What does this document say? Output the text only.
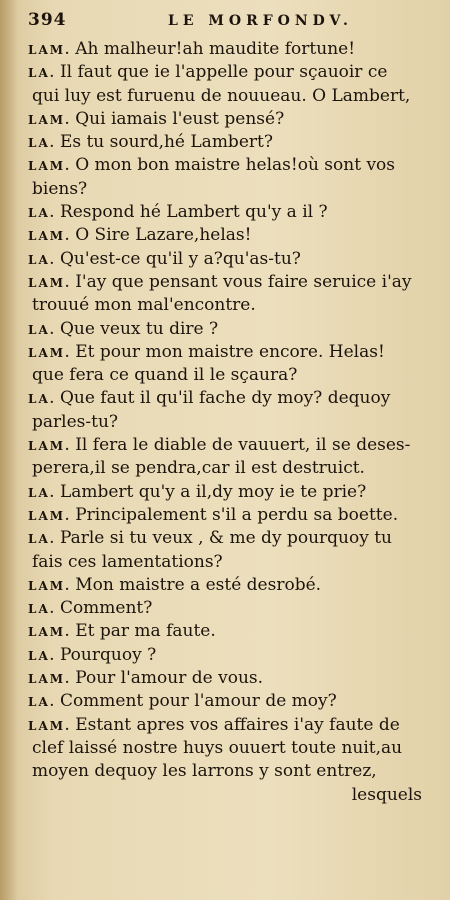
394	LE MORFONDV.
LAM. Ah malheur!ah maudite fortune!
LA. Il faut que ie l'appelle pour sçauoir ce
qui luy est furuenu de nouueau. O Lambert,
LAM. Qui iamais l'eust pensé?
LA. Es tu sourd,hé Lambert?
LAM. O mon bon maistre helas!où sont vos
biens?
LA. Respond hé Lambert qu'y a il ?
LAM. O Sire Lazare,helas!
LA. Qu'est-ce qu'il y a?qu'as-tu?
LAM. I'ay que pensant vous faire seruice i'ay
trouué mon mal'encontre.
LA. Que veux tu dire ?
LAM. Et pour mon maistre encore. Helas!
que fera ce quand il le sçaura?
LA. Que faut il qu'il fache dy moy? dequoy
parles-tu?
LAM. Il fera le diable de vauuert, il se deses-
perera,il se pendra,car il est destruict.
LA. Lambert qu'y a il,dy moy ie te prie?
LAM. Principalement s'il a perdu sa boette.
LA. Parle si tu veux , & me dy pourquoy tu
fais ces lamentations?
LAM. Mon maistre a esté desrobé.
LA. Comment?
LAM. Et par ma faute.
LA. Pourquoy ?
LAM. Pour l'amour de vous.
LA. Comment pour l'amour de moy?
LAM. Estant apres vos affaires i'ay faute de
clef laissé nostre huys ouuert toute nuit,au
moyen dequoy les larrons y sont entrez,
lesquels
